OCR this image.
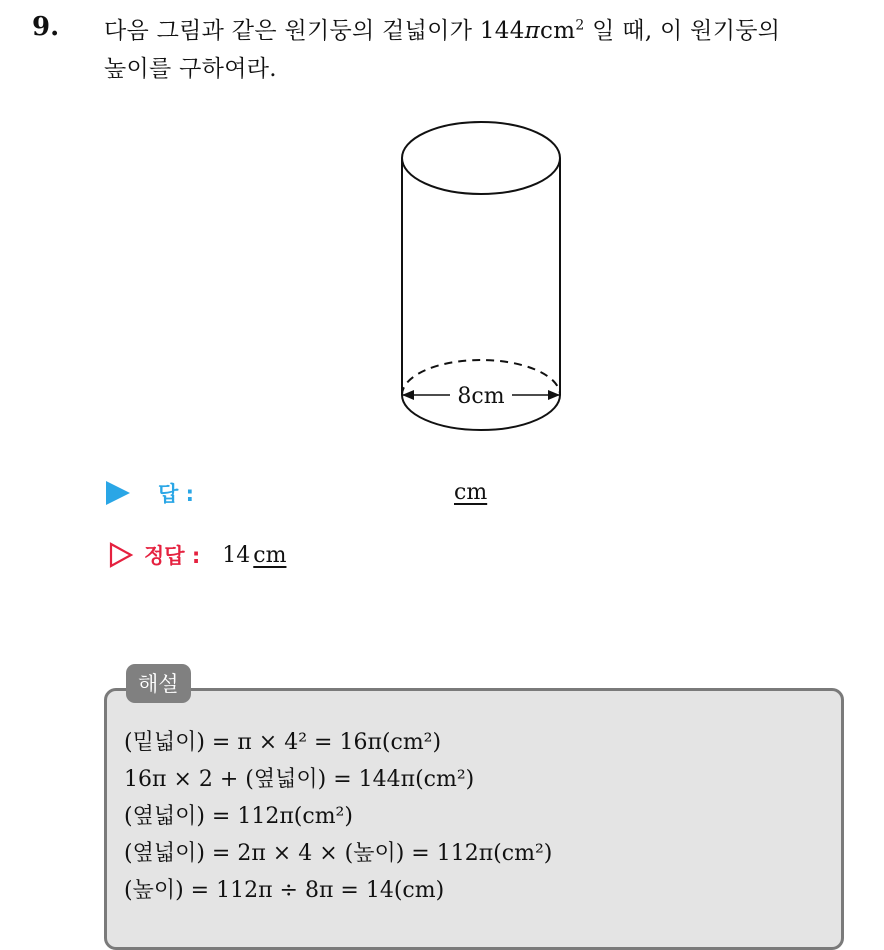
9. 다음 그림과 같은 원기둥의 겉넓이가 144πcm$^2$ 일 때, 이 원기둥의
높이를 구하여라.
8cm
답 :	cm
정답 : 14 cm
해설
(밑넓이) = π × 4² = 16π(cm²)
16π × 2 + (옆넓이) = 144π(cm²)
(옆넓이) = 112π(cm²)
(옆넓이) = 2π × 4 × (높이) = 112π(cm²)
(높이) = 112π ÷ 8π = 14(cm)
